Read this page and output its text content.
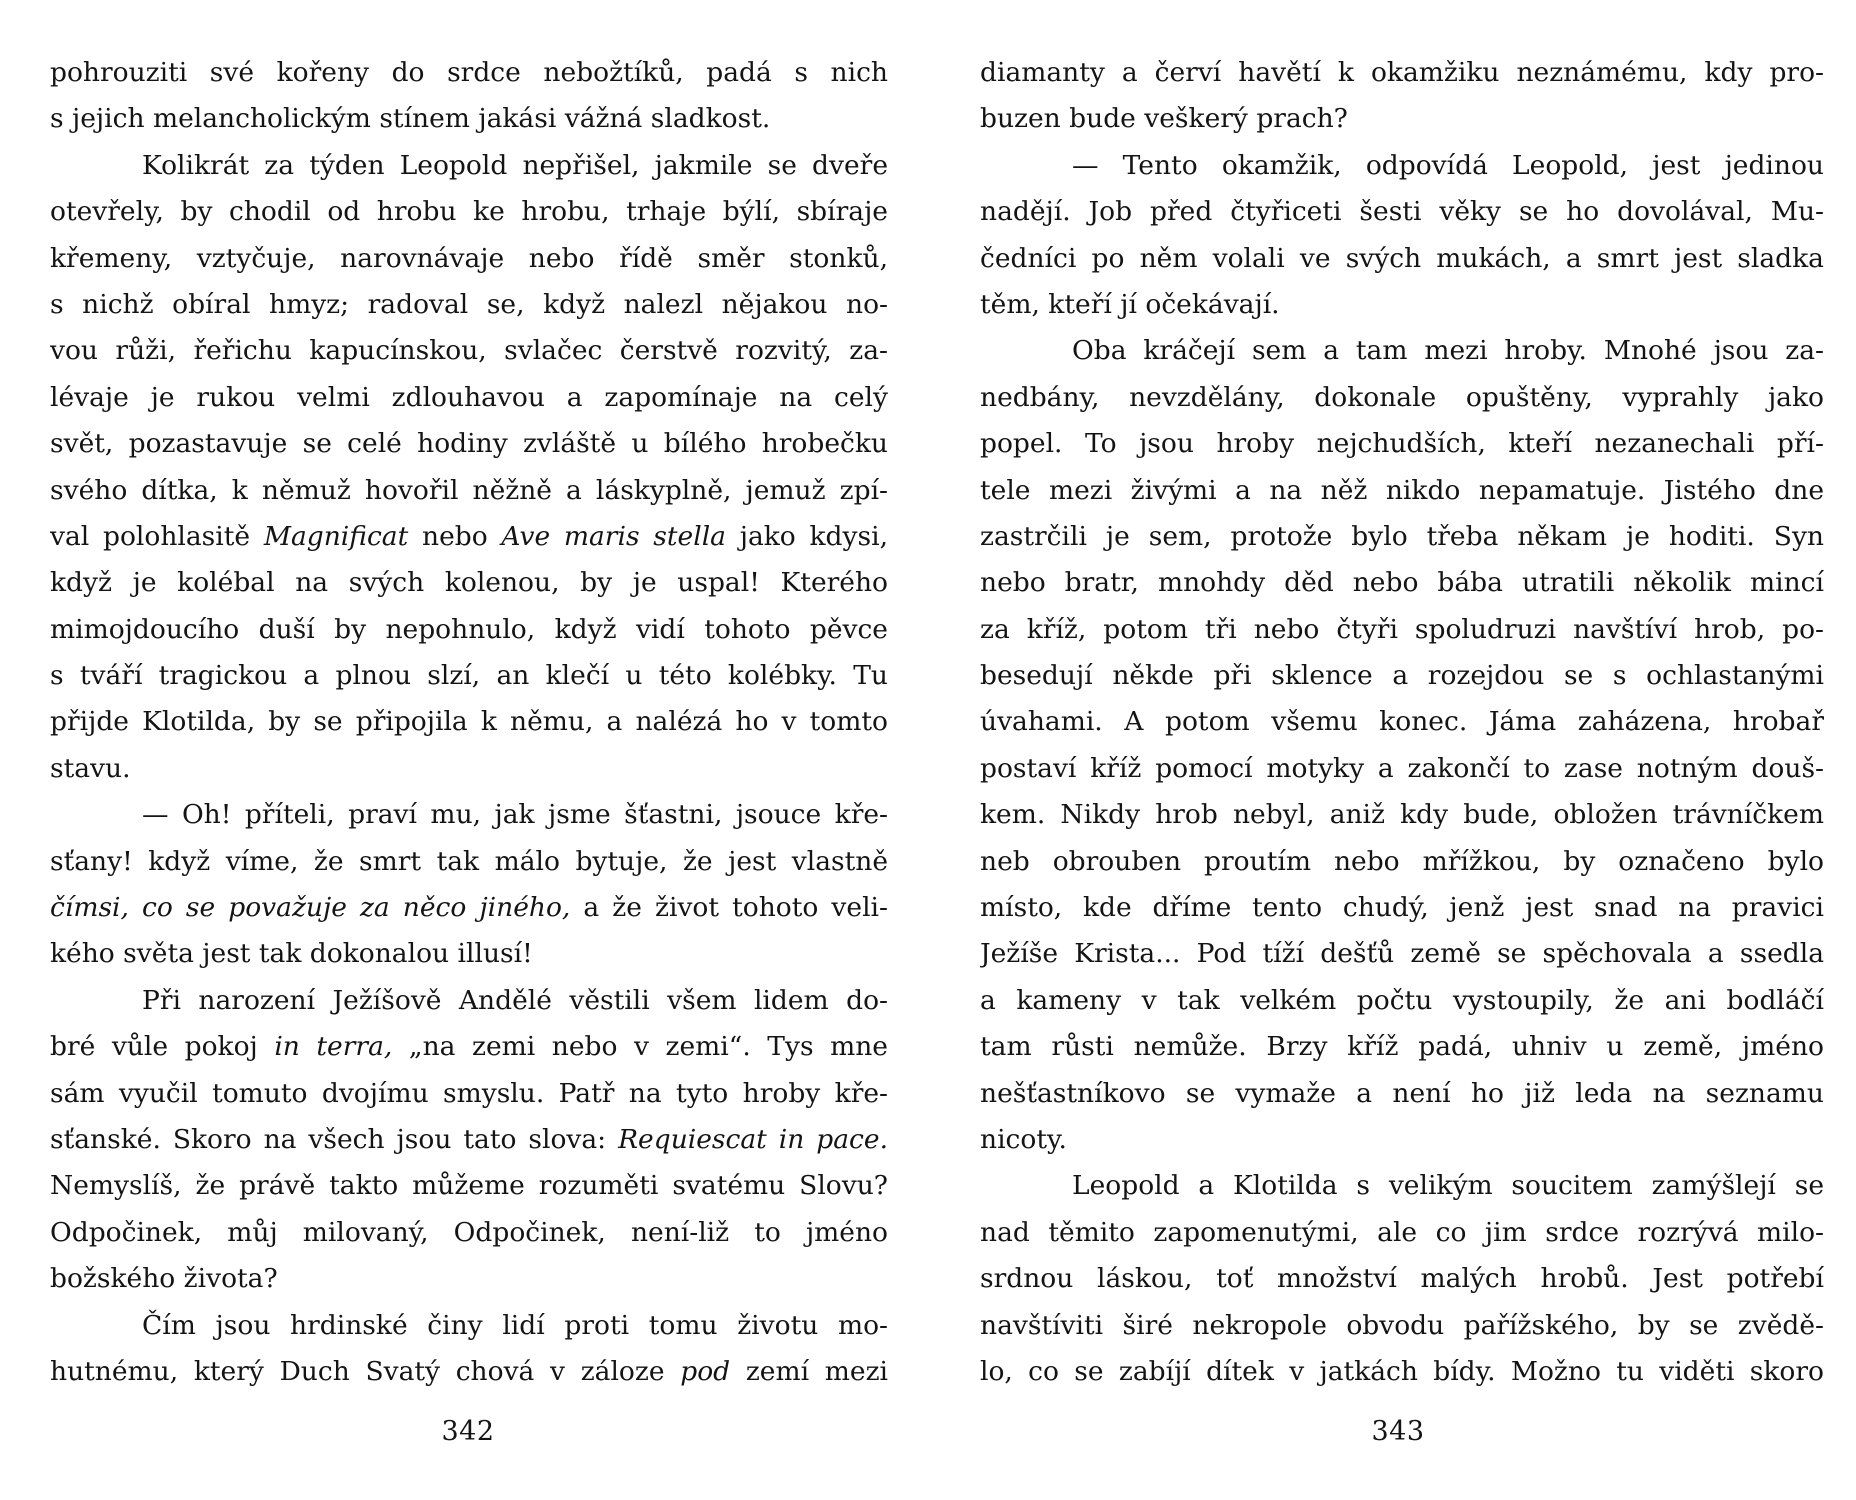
pohrouziti své kořeny do srdce nebožtíků, padá s nich
s jejich melancholickým stínem jakási vážná sladkost.
Kolikrát za týden Leopold nepřišel, jakmile se dveře
otevřely, by chodil od hrobu ke hrobu, trhaje býlí, sbíraje
křemeny, vztyčuje, narovnávaje nebo řídě směr stonků,
s nichž obíral hmyz; radoval se, když nalezl nějakou no-
vou růži, řeřichu kapucínskou, svlačec čerstvě rozvitý, za-
lévaje je rukou velmi zdlouhavou a zapomínaje na celý
svět, pozastavuje se celé hodiny zvláště u bílého hrobečku
svého dítka, k němuž hovořil něžně a láskyplně, jemuž zpí-
val polohlasitě Magnificat nebo Ave maris stella jako kdysi,
když je kolébal na svých kolenou, by je uspal! Kterého
mimojdoucího duší by nepohnulo, když vidí tohoto pěvce
s tváří tragickou a plnou slzí, an klečí u této kolébky. Tu
přijde Klotilda, by se připojila k němu, a nalézá ho v tomto
stavu.
— Oh! příteli, praví mu, jak jsme šťastni, jsouce kře-
sťany! když víme, že smrt tak málo bytuje, že jest vlastně
čímsi, co se považuje za něco jiného, a že život tohoto veli-
kého světa jest tak dokonalou illusí!
Při narození Ježíšově Andělé věstili všem lidem do-
bré vůle pokoj in terra, „na zemi nebo v zemi“. Tys mne
sám vyučil tomuto dvojímu smyslu. Patř na tyto hroby kře-
sťanské. Skoro na všech jsou tato slova: Requiescat in pace.
Nemyslíš, že právě takto můžeme rozuměti svatému Slovu?
Odpočinek, můj milovaný, Odpočinek, není-liž to jméno
božského života?
Čím jsou hrdinské činy lidí proti tomu životu mo-
hutnému, který Duch Svatý chová v záloze pod zemí mezi
342
diamanty a červí havětí k okamžiku neznámému, kdy pro-
buzen bude veškerý prach?
— Tento okamžik, odpovídá Leopold, jest jedinou
nadějí. Job před čtyřiceti šesti věky se ho dovolával, Mu-
čedníci po něm volali ve svých mukách, a smrt jest sladka
těm, kteří jí očekávají.
Oba kráčejí sem a tam mezi hroby. Mnohé jsou za-
nedbány, nevzdělány, dokonale opuštěny, vyprahly jako
popel. To jsou hroby nejchudších, kteří nezanechali pří-
tele mezi živými a na něž nikdo nepamatuje. Jistého dne
zastrčili je sem, protože bylo třeba někam je hoditi. Syn
nebo bratr, mnohdy děd nebo bába utratili několik mincí
za kříž, potom tři nebo čtyři spoludruzi navštíví hrob, po-
besedují někde při sklence a rozejdou se s ochlastanými
úvahami. A potom všemu konec. Jáma zaházena, hrobař
postaví kříž pomocí motyky a zakončí to zase notným douš-
kem. Nikdy hrob nebyl, aniž kdy bude, obložen trávníčkem
neb obrouben proutím nebo mřížkou, by označeno bylo
místo, kde dříme tento chudý, jenž jest snad na pravici
Ježíše Krista... Pod tíží dešťů země se spěchovala a ssedla
a kameny v tak velkém počtu vystoupily, že ani bodláčí
tam růsti nemůže. Brzy kříž padá, uhniv u země, jméno
nešťastníkovo se vymaže a není ho již leda na seznamu
nicoty.
Leopold a Klotilda s velikým soucitem zamýšlejí se
nad těmito zapomenutými, ale co jim srdce rozrývá milo-
srdnou láskou, toť množství malých hrobů. Jest potřebí
navštíviti širé nekropole obvodu pařížského, by se zvědě-
lo, co se zabíjí dítek v jatkách bídy. Možno tu viděti skoro
343
